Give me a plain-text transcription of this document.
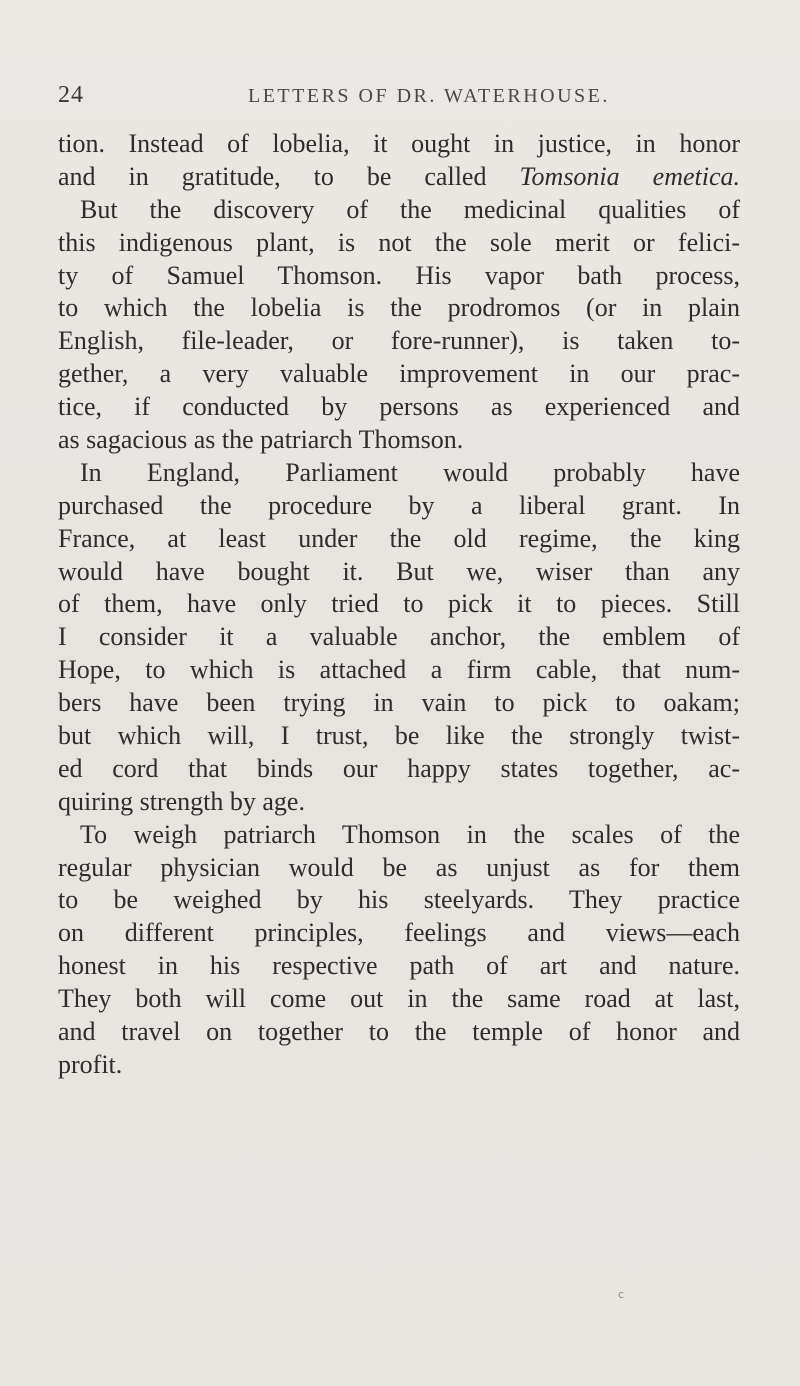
24	LETTERS OF DR. WATERHOUSE.
tion. Instead of lobelia, it ought in justice, in honor
and in gratitude, to be called Tomsonia emetica.
But the discovery of the medicinal qualities of
this indigenous plant, is not the sole merit or felici-
ty of Samuel Thomson. His vapor bath process,
to which the lobelia is the prodromos (or in plain
English, file-leader, or fore-runner), is taken to-
gether, a very valuable improvement in our prac-
tice, if conducted by persons as experienced and
as sagacious as the patriarch Thomson.
In England, Parliament would probably have
purchased the procedure by a liberal grant. In
France, at least under the old regime, the king
would have bought it. But we, wiser than any
of them, have only tried to pick it to pieces. Still
I consider it a valuable anchor, the emblem of
Hope, to which is attached a firm cable, that num-
bers have been trying in vain to pick to oakam;
but which will, I trust, be like the strongly twist-
ed cord that binds our happy states together, ac-
quiring strength by age.
To weigh patriarch Thomson in the scales of the
regular physician would be as unjust as for them
to be weighed by his steelyards. They practice
on different principles, feelings and views—each
honest in his respective path of art and nature.
They both will come out in the same road at last,
and travel on together to the temple of honor and
profit.
c
